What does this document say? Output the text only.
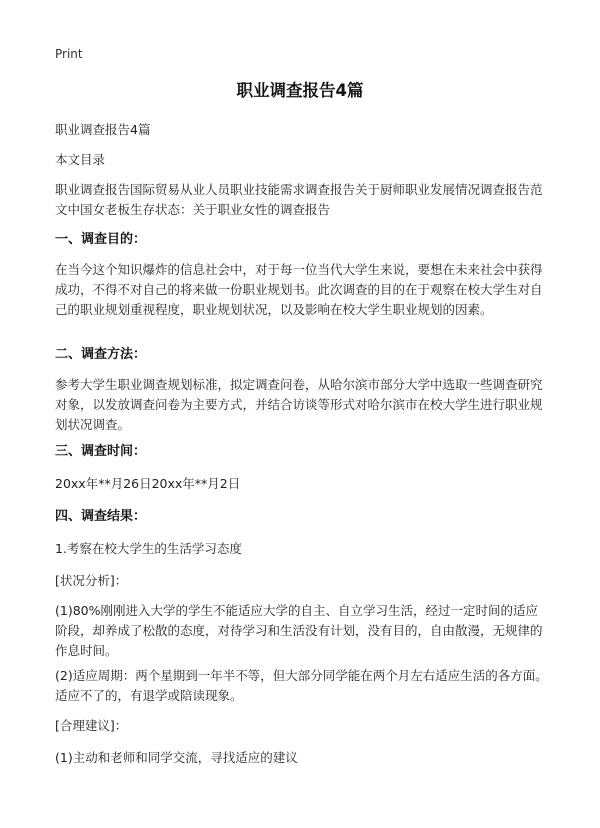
Print
职业调查报告4篇
职业调查报告4篇
本文目录
职业调查报告国际贸易从业人员职业技能需求调查报告关于厨师职业发展情况调查报告范文中国女老板生存状态：关于职业女性的调查报告
一、调查目的：
在当今这个知识爆炸的信息社会中，对于每一位当代大学生来说，要想在未来社会中获得成功，不得不对自己的将来做一份职业规划书。此次调查的目的在于观察在校大学生对自己的职业规划重视程度，职业规划状况，以及影响在校大学生职业规划的因素。
二、调查方法：
参考大学生职业调查规划标准，拟定调查问卷，从哈尔滨市部分大学中选取一些调查研究对象，以发放调查问卷为主要方式，并结合访谈等形式对哈尔滨市在校大学生进行职业规划状况调查。
三、调查时间：
20xx年**月26日20xx年**月2日
四、调查结果：
1.考察在校大学生的生活学习态度
[状况分析]：
(1)80%刚刚进入大学的学生不能适应大学的自主、自立学习生活，经过一定时间的适应阶段，却养成了松散的态度，对待学习和生活没有计划，没有目的，自由散漫，无规律的作息时间。
(2)适应周期：两个星期到一年半不等，但大部分同学能在两个月左右适应生活的各方面。适应不了的，有退学或陪读现象。
[合理建议]：
(1)主动和老师和同学交流，寻找适应的建议
